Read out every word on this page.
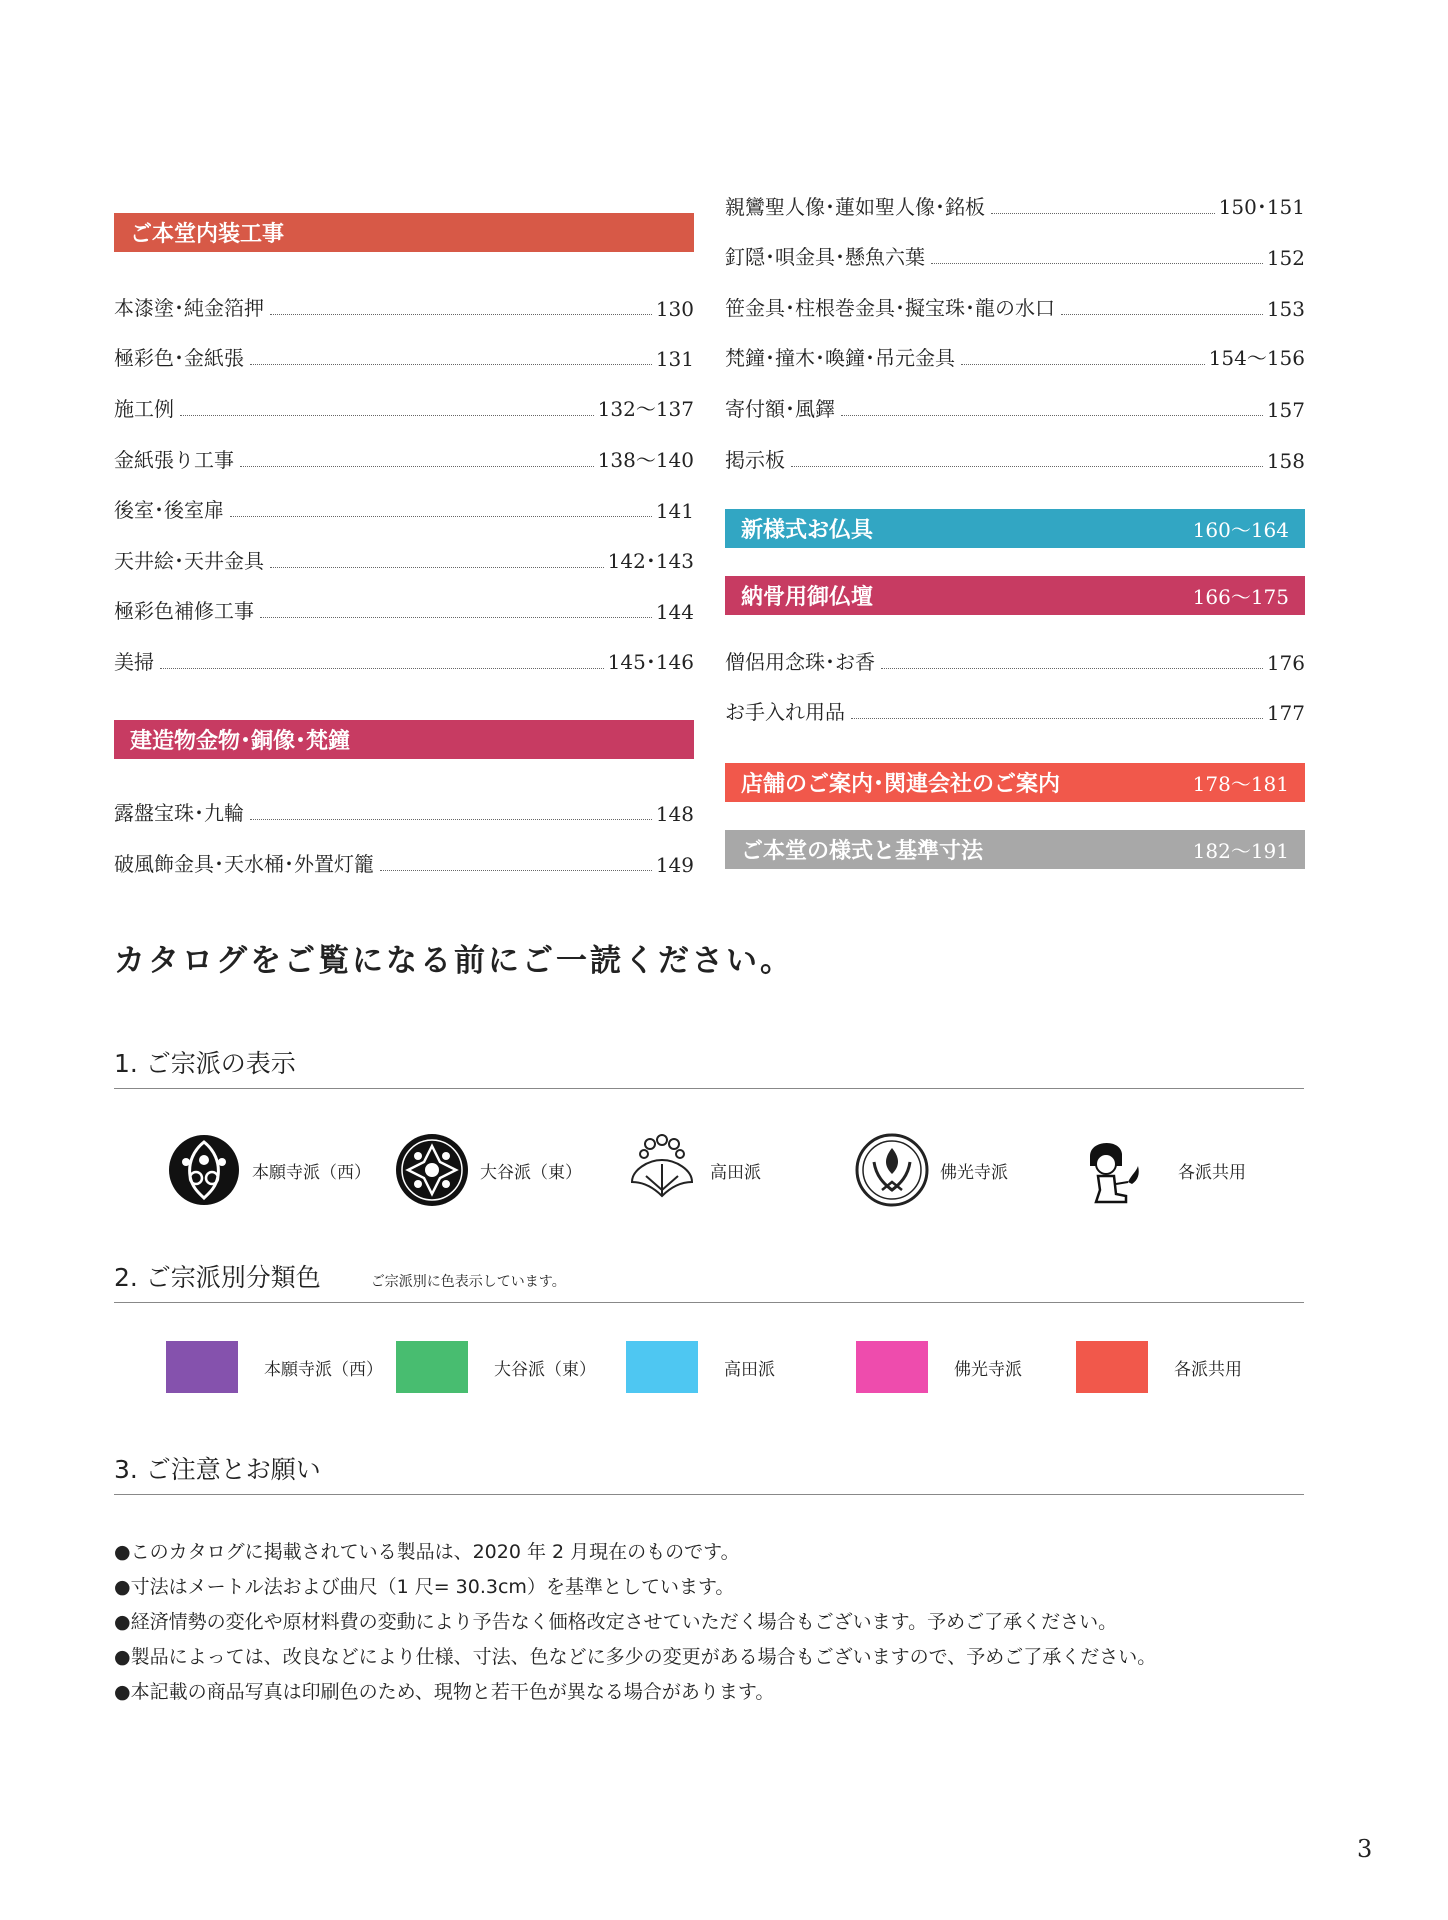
ご本堂内装工事
本漆塗･純金箔押	130
極彩色･金紙張	131
施工例	132～137
金紙張り工事	138～140
後室･後室扉	141
天井絵･天井金具	142･143
極彩色補修工事	144
美掃	145･146
建造物金物･銅像･梵鐘
露盤宝珠･九輪	148
破風飾金具･天水桶･外置灯籠	149
親鸞聖人像･蓮如聖人像･銘板	150･151
釘隠･唄金具･懸魚六葉	152
笹金具･柱根巻金具･擬宝珠･龍の水口	153
梵鐘･撞木･喚鐘･吊元金具	154～156
寄付額･風鐸	157
掲示板	158
新様式お仏具	160～164
納骨用御仏壇	166～175
僧侶用念珠･お香	176
お手入れ用品	177
店舗のご案内･関連会社のご案内	178～181
ご本堂の様式と基準寸法	182～191
カタログをご覧になる前にご一読ください。
1. ご宗派の表示
本願寺派（西）	大谷派（東）	高田派	佛光寺派	各派共用
2. ご宗派別分類色	ご宗派別に色表示しています。
本願寺派（西）	大谷派（東）	高田派	佛光寺派	各派共用
3. ご注意とお願い
● このカタログに掲載されている製品は、2020 年 2 月現在のものです。
● 寸法はメートル法および曲尺（1 尺= 30.3cm）を基準としています。
● 経済情勢の変化や原材料費の変動により予告なく価格改定させていただく場合もございます。予めご了承ください。
● 製品によっては、改良などにより仕様、寸法、色などに多少の変更がある場合もございますので、予めご了承ください。
● 本記載の商品写真は印刷色のため、現物と若干色が異なる場合があります。
3
